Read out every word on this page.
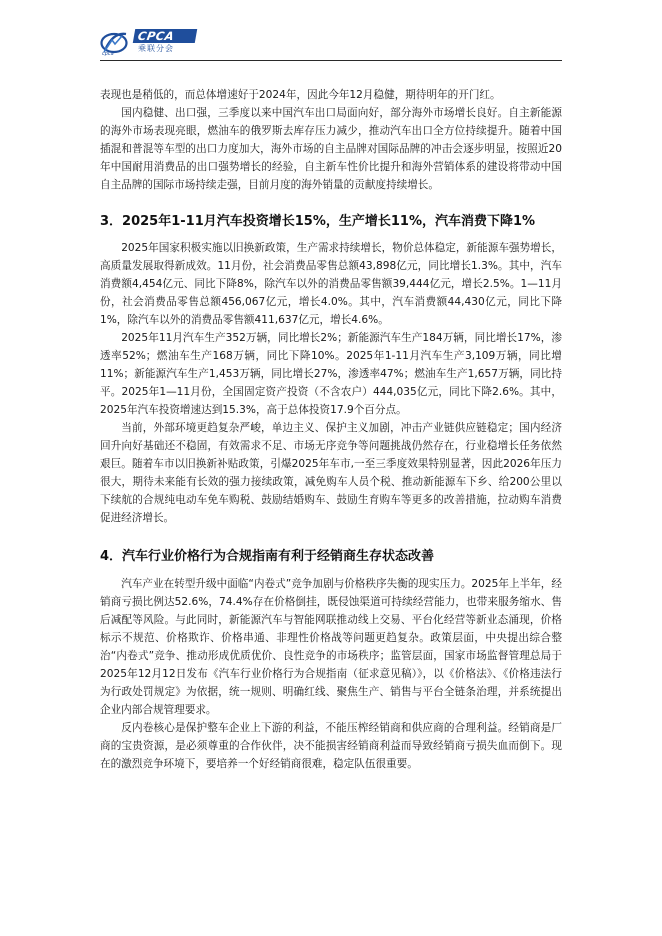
cpca
CPCA
乘联分会

表现也是稍低的，而总体增速好于2024年，因此今年12月稳健，期待明年的开门红。

国内稳健、出口强，三季度以来中国汽车出口局面向好，部分海外市场增长良好。自主新能源的海外市场表现亮眼，燃油车的俄罗斯去库存压力减少，推动汽车出口全方位持续提升。随着中国插混和普混等车型的出口力度加大，海外市场的自主品牌对国际品牌的冲击会逐步明显，按照近20年中国耐用消费品的出口强势增长的经验，自主新车性价比提升和海外营销体系的建设将带动中国自主品牌的国际市场持续走强，目前月度的海外销量的贡献度持续增长。

3．2025年1-11月汽车投资增长15%，生产增长11%，汽车消费下降1%

2025年国家积极实施以旧换新政策，生产需求持续增长，物价总体稳定，新能源车强势增长，高质量发展取得新成效。11月份，社会消费品零售总额43,898亿元，同比增长1.3%。其中，汽车消费额4,454亿元、同比下降8%，除汽车以外的消费品零售额39,444亿元，增长2.5%。1—11月份，社会消费品零售总额456,067亿元，增长4.0%。其中，汽车消费额44,430亿元，同比下降1%，除汽车以外的消费品零售额411,637亿元，增长4.6%。

2025年11月汽车生产352万辆，同比增长2%；新能源汽车生产184万辆，同比增长17%，渗透率52%；燃油车生产168万辆，同比下降10%。2025年1-11月汽车生产3,109万辆，同比增11%；新能源汽车生产1,453万辆，同比增长27%，渗透率47%；燃油车生产1,657万辆，同比持平。2025年1—11月份，全国固定资产投资（不含农户）444,035亿元，同比下降2.6%。其中，2025年汽车投资增速达到15.3%，高于总体投资17.9个百分点。

当前，外部环境更趋复杂严峻，单边主义、保护主义加剧，冲击产业链供应链稳定；国内经济回升向好基础还不稳固，有效需求不足、市场无序竞争等问题挑战仍然存在，行业稳增长任务依然艰巨。随着车市以旧换新补贴政策，引爆2025年车市,一至三季度效果特别显著，因此2026年压力很大，期待未来能有长效的强力接续政策，减免购车人员个税、推动新能源车下乡、给200公里以下续航的合规纯电动车免车购税、鼓励结婚购车、鼓励生育购车等更多的改善措施，拉动购车消费促进经济增长。

4．汽车行业价格行为合规指南有利于经销商生存状态改善

汽车产业在转型升级中面临“内卷式”竞争加剧与价格秩序失衡的现实压力。2025年上半年，经销商亏损比例达52.6%，74.4%存在价格倒挂，既侵蚀渠道可持续经营能力，也带来服务缩水、售后减配等风险。与此同时，新能源汽车与智能网联推动线上交易、平台化经营等新业态涌现，价格标示不规范、价格欺诈、价格串通、非理性价格战等问题更趋复杂。政策层面，中央提出综合整治“内卷式”竞争、推动形成优质优价、良性竞争的市场秩序；监管层面，国家市场监督管理总局于2025年12月12日发布《汽车行业价格行为合规指南（征求意见稿）》，以《价格法》、《价格违法行为行政处罚规定》为依据，统一规则、明确红线、聚焦生产、销售与平台全链条治理，并系统提出企业内部合规管理要求。

反内卷核心是保护整车企业上下游的利益，不能压榨经销商和供应商的合理利益。经销商是厂商的宝贵资源，是必须尊重的合作伙伴，决不能损害经销商利益而导致经销商亏损失血而倒下。现在的激烈竞争环境下，要培养一个好经销商很难，稳定队伍很重要。
